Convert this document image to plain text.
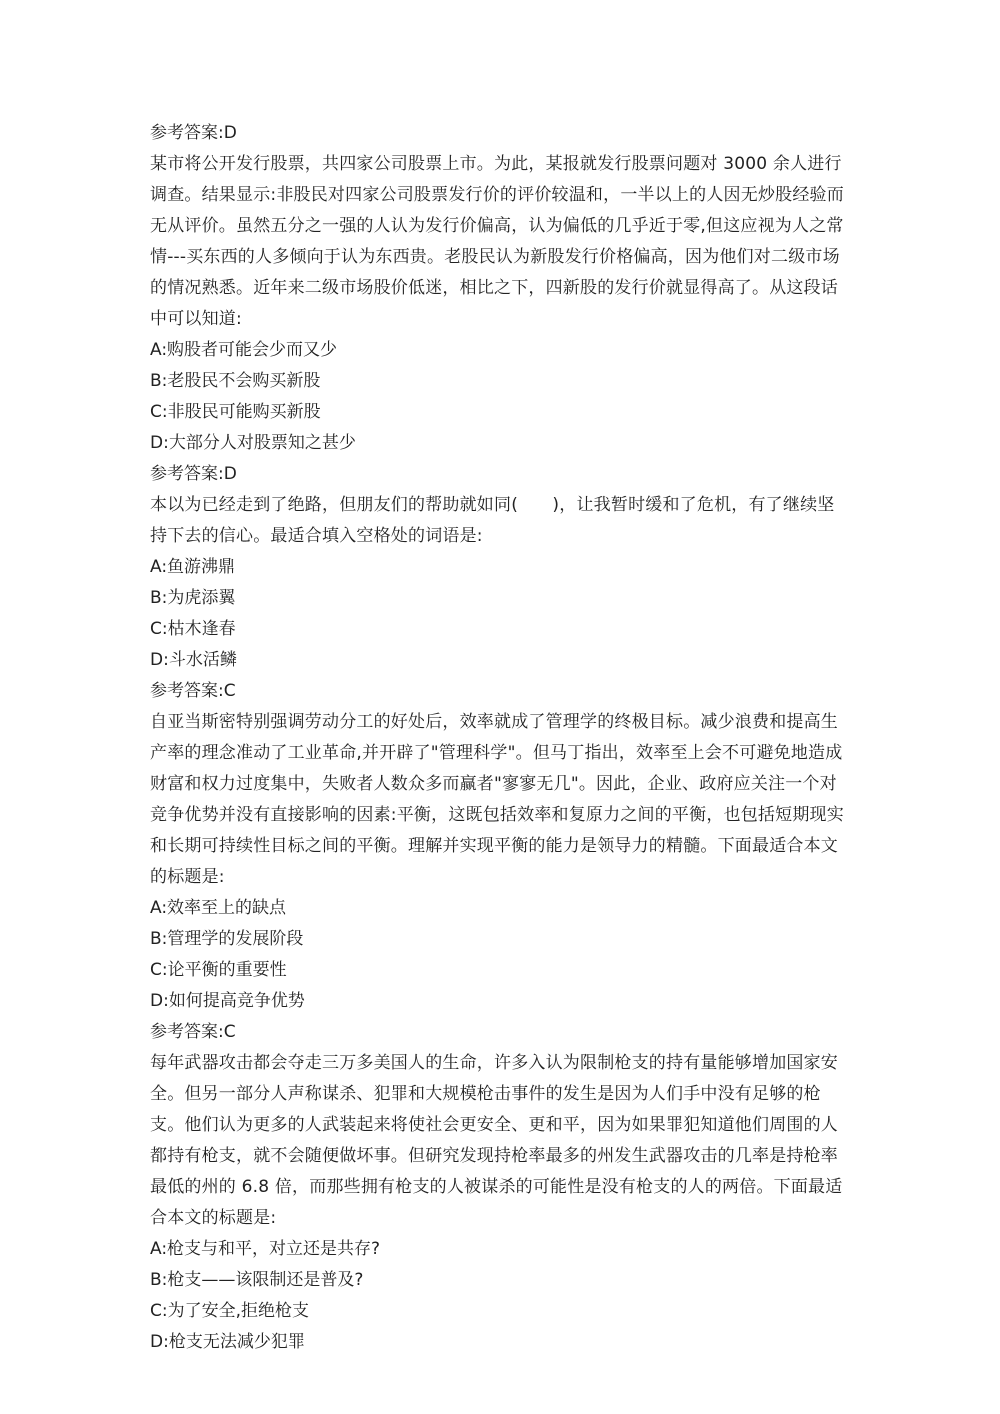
参考答案:D

某市将公开发行股票，共四家公司股票上市。为此，某报就发行股票问题对 3000 余人进行调查。结果显示:非股民对四家公司股票发行价的评价较温和，一半以上的人因无炒股经验而无从评价。虽然五分之一强的人认为发行价偏高，认为偏低的几乎近于零,但这应视为人之常情---买东西的人多倾向于认为东西贵。老股民认为新股发行价格偏高，因为他们对二级市场的情况熟悉。近年来二级市场股价低迷，相比之下，四新股的发行价就显得高了。从这段话中可以知道:

A:购股者可能会少而又少

B:老股民不会购买新股

C:非股民可能购买新股

D:大部分人对股票知之甚少

参考答案:D

本以为已经走到了绝路，但朋友们的帮助就如同(　　)，让我暂时缓和了危机，有了继续坚持下去的信心。最适合填入空格处的词语是:

A:鱼游沸鼎

B:为虎添翼

C:枯木逢春

D:斗水活鳞

参考答案:C

自亚当斯密特别强调劳动分工的好处后，效率就成了管理学的终极目标。减少浪费和提高生产率的理念准动了工业革命,并开辟了"管理科学"。但马丁指出，效率至上会不可避免地造成财富和权力过度集中，失败者人数众多而赢者"寥寥无几"。因此，企业、政府应关注一个对竞争优势并没有直接影响的因素:平衡，这既包括效率和复原力之间的平衡，也包括短期现实和长期可持续性目标之间的平衡。理解并实现平衡的能力是领导力的精髓。下面最适合本文的标题是:

A:效率至上的缺点

B:管理学的发展阶段

C:论平衡的重要性

D:如何提高竞争优势

参考答案:C

每年武器攻击都会夺走三万多美国人的生命，许多入认为限制枪支的持有量能够增加国家安全。但另一部分人声称谋杀、犯罪和大规模枪击事件的发生是因为人们手中没有足够的枪支。他们认为更多的人武装起来将使社会更安全、更和平，因为如果罪犯知道他们周围的人都持有枪支，就不会随便做坏事。但研究发现持枪率最多的州发生武器攻击的几率是持枪率最低的州的 6.8 倍，而那些拥有枪支的人被谋杀的可能性是没有枪支的人的两倍。下面最适合本文的标题是:

A:枪支与和平，对立还是共存?

B:枪支——该限制还是普及?

C:为了安全,拒绝枪支

D:枪支无法减少犯罪
